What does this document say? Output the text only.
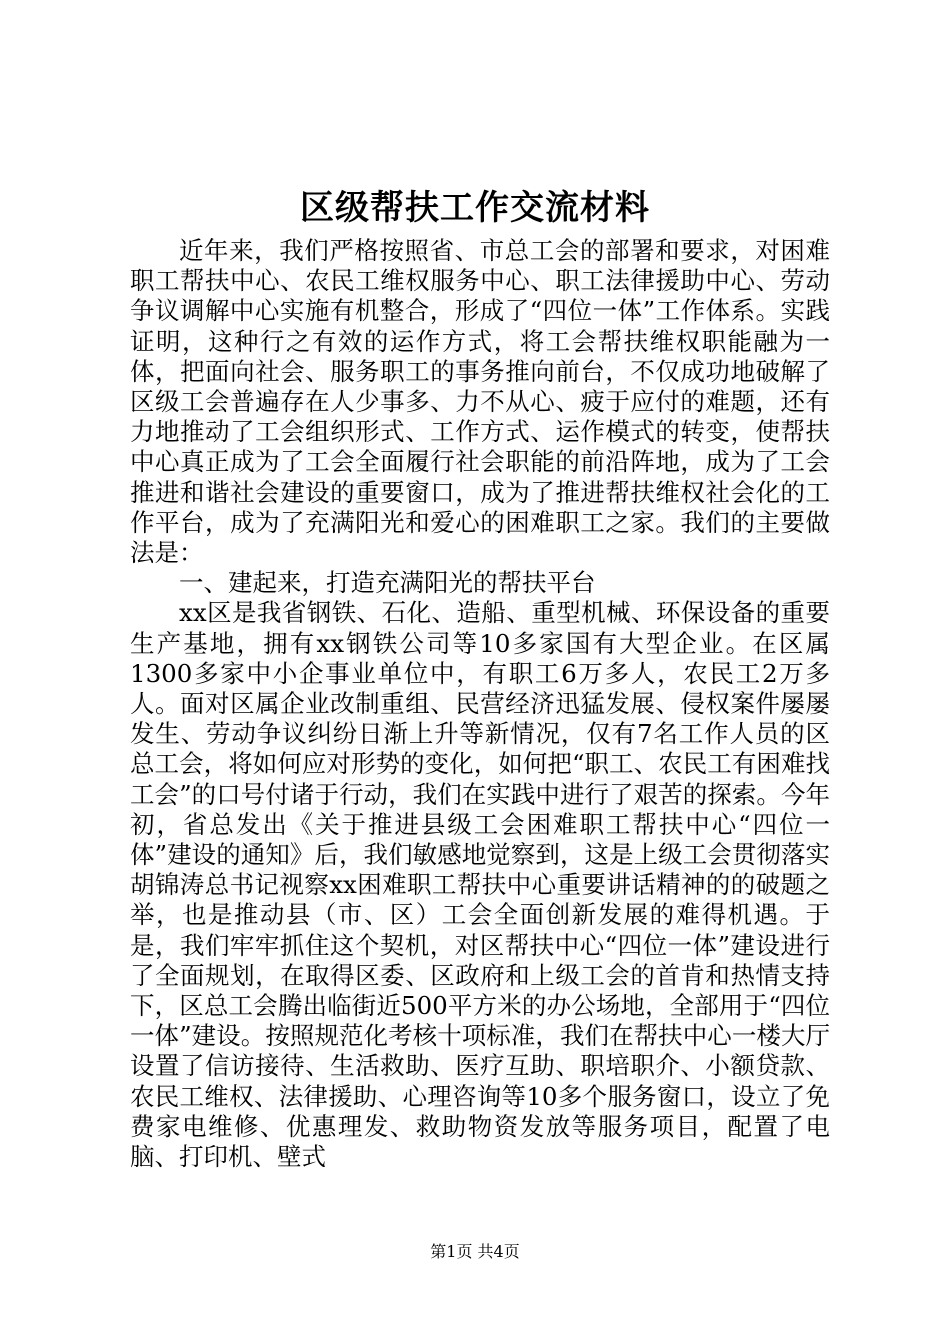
区级帮扶工作交流材料

近年来，我们严格按照省、市总工会的部署和要求，对困难职工帮扶中心、农民工维权服务中心、职工法律援助中心、劳动争议调解中心实施有机整合，形成了“四位一体”工作体系。实践证明，这种行之有效的运作方式，将工会帮扶维权职能融为一体，把面向社会、服务职工的事务推向前台，不仅成功地破解了区级工会普遍存在人少事多、力不从心、疲于应付的难题，还有力地推动了工会组织形式、工作方式、运作模式的转变，使帮扶中心真正成为了工会全面履行社会职能的前沿阵地，成为了工会推进和谐社会建设的重要窗口，成为了推进帮扶维权社会化的工作平台，成为了充满阳光和爱心的困难职工之家。我们的主要做法是：

一、建起来，打造充满阳光的帮扶平台

xx区是我省钢铁、石化、造船、重型机械、环保设备的重要生产基地，拥有xx钢铁公司等10多家国有大型企业。在区属1300多家中小企事业单位中，有职工6万多人，农民工2万多人。面对区属企业改制重组、民营经济迅猛发展、侵权案件屡屡发生、劳动争议纠纷日渐上升等新情况，仅有7名工作人员的区总工会，将如何应对形势的变化，如何把“职工、农民工有困难找工会”的口号付诸于行动，我们在实践中进行了艰苦的探索。今年初，省总发出《关于推进县级工会困难职工帮扶中心“四位一体”建设的通知》后，我们敏感地觉察到，这是上级工会贯彻落实胡锦涛总书记视察xx困难职工帮扶中心重要讲话精神的的破题之举，也是推动县（市、区）工会全面创新发展的难得机遇。于是，我们牢牢抓住这个契机，对区帮扶中心“四位一体”建设进行了全面规划，在取得区委、区政府和上级工会的首肯和热情支持下，区总工会腾出临街近500平方米的办公场地，全部用于“四位一体”建设。按照规范化考核十项标准，我们在帮扶中心一楼大厅设置了信访接待、生活救助、医疗互助、职培职介、小额贷款、农民工维权、法律援助、心理咨询等10多个服务窗口，设立了免费家电维修、优惠理发、救助物资发放等服务项目，配置了电脑、打印机、壁式

第1页 共4页
